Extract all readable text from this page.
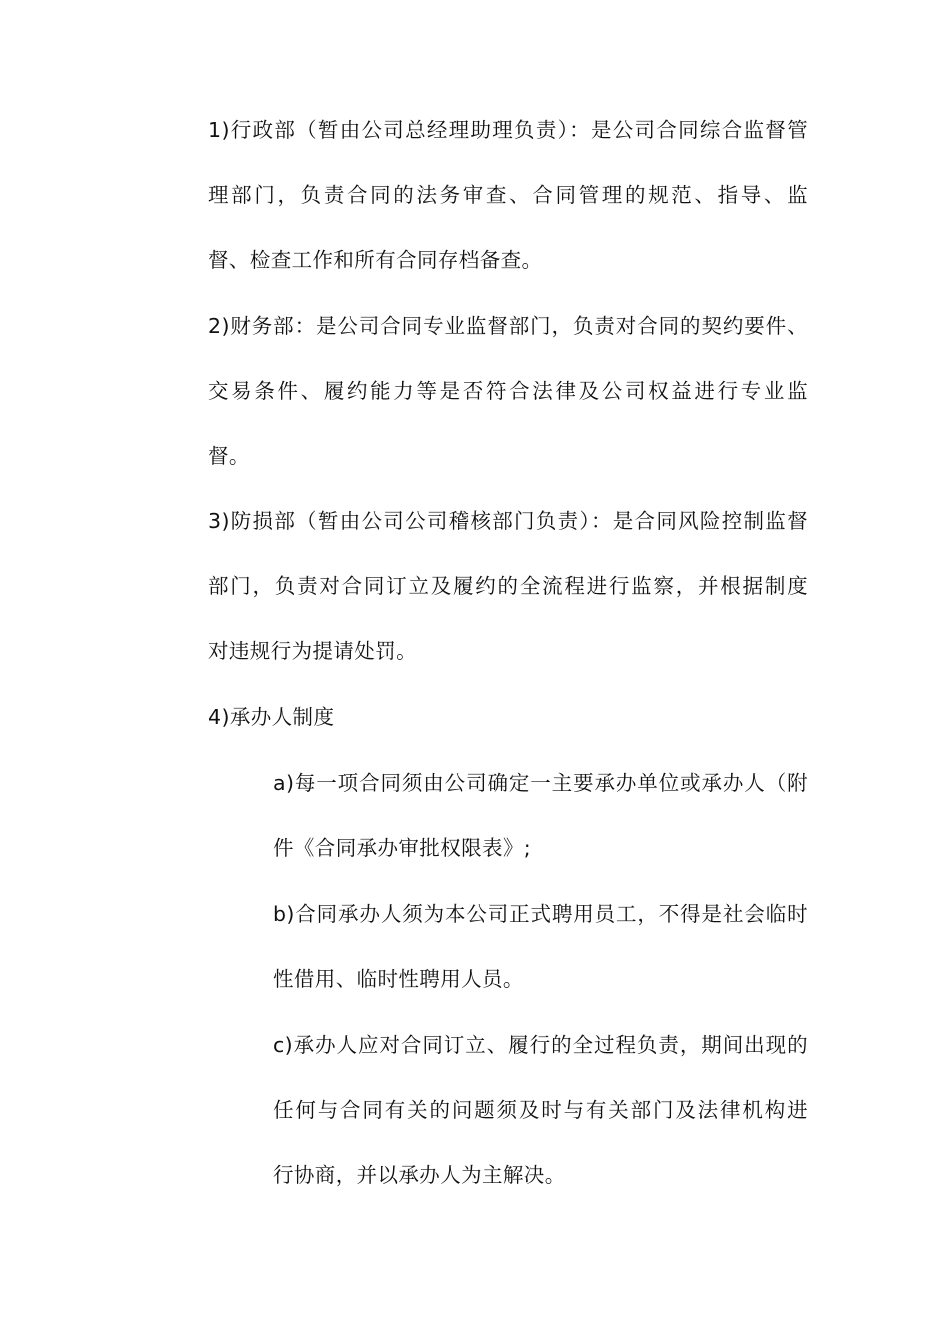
1)行政部（暂由公司总经理助理负责）：是公司合同综合监督管
理部门，负责合同的法务审查、合同管理的规范、指导、监
督、检查工作和所有合同存档备查。
2)财务部：是公司合同专业监督部门，负责对合同的契约要件、
交易条件、履约能力等是否符合法律及公司权益进行专业监
督。
3)防损部（暂由公司公司稽核部门负责）：是合同风险控制监督
部门，负责对合同订立及履约的全流程进行监察，并根据制度
对违规行为提请处罚。
4)承办人制度
a)每一项合同须由公司确定一主要承办单位或承办人（附
件《合同承办审批权限表》;
b)合同承办人须为本公司正式聘用员工，不得是社会临时
性借用、临时性聘用人员。
c)承办人应对合同订立、履行的全过程负责，期间出现的
任何与合同有关的问题须及时与有关部门及法律机构进
行协商，并以承办人为主解决。
